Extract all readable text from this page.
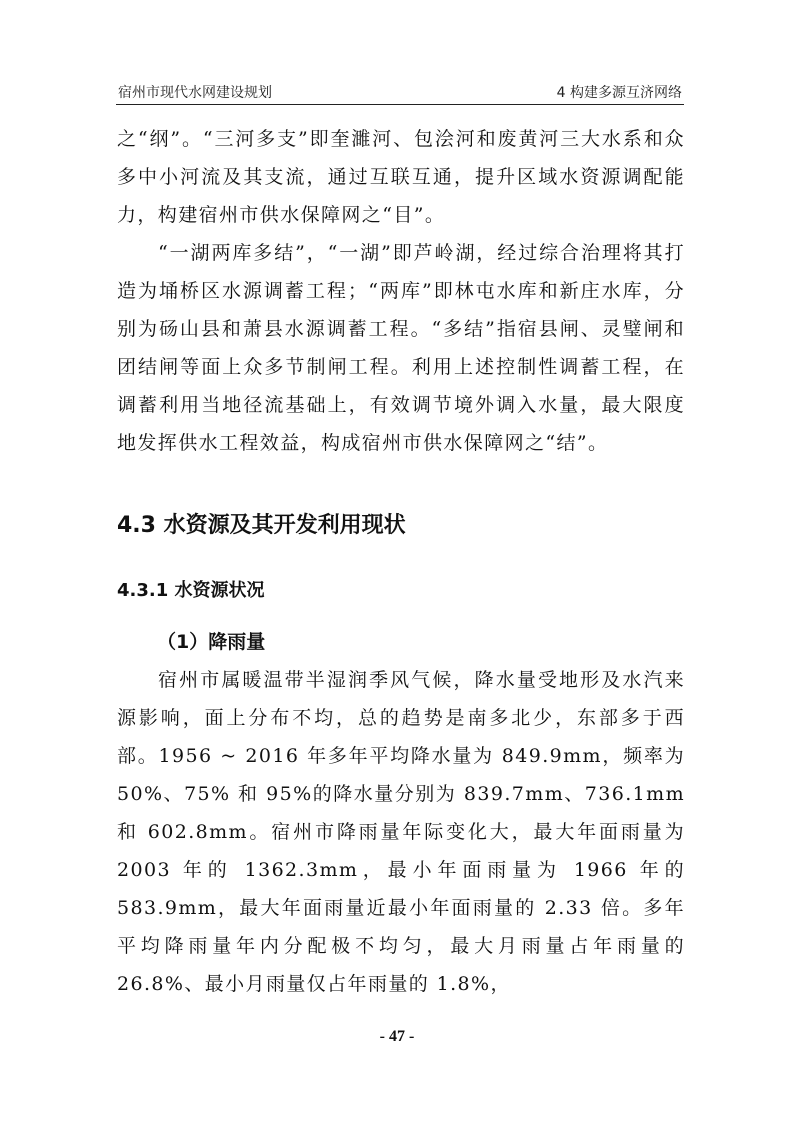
宿州市现代水网建设规划	4 构建多源互济网络

之“纲”。“三河多支”即奎濉河、包浍河和废黄河三大水系和众多中小河流及其支流，通过互联互通，提升区域水资源调配能力，构建宿州市供水保障网之“目”。

“一湖两库多结”，“一湖”即芦岭湖，经过综合治理将其打造为埇桥区水源调蓄工程；“两库”即林屯水库和新庄水库，分别为砀山县和萧县水源调蓄工程。“多结”指宿县闸、灵璧闸和团结闸等面上众多节制闸工程。利用上述控制性调蓄工程，在调蓄利用当地径流基础上，有效调节境外调入水量，最大限度地发挥供水工程效益，构成宿州市供水保障网之“结”。

4.3 水资源及其开发利用现状
4.3.1 水资源状况
（1）降雨量

宿州市属暖温带半湿润季风气候，降水量受地形及水汽来源影响，面上分布不均，总的趋势是南多北少，东部多于西部。1956 ~ 2016 年多年平均降水量为 849.9mm，频率为 50%、75% 和 95%的降水量分别为 839.7mm、736.1mm 和 602.8mm。宿州市降雨量年际变化大，最大年面雨量为 2003 年的 1362.3mm，最小年面雨量为 1966 年的 583.9mm，最大年面雨量近最小年面雨量的 2.33 倍。多年平均降雨量年内分配极不均匀，最大月雨量占年雨量的 26.8%、最小月雨量仅占年雨量的 1.8%，

- 47 -
